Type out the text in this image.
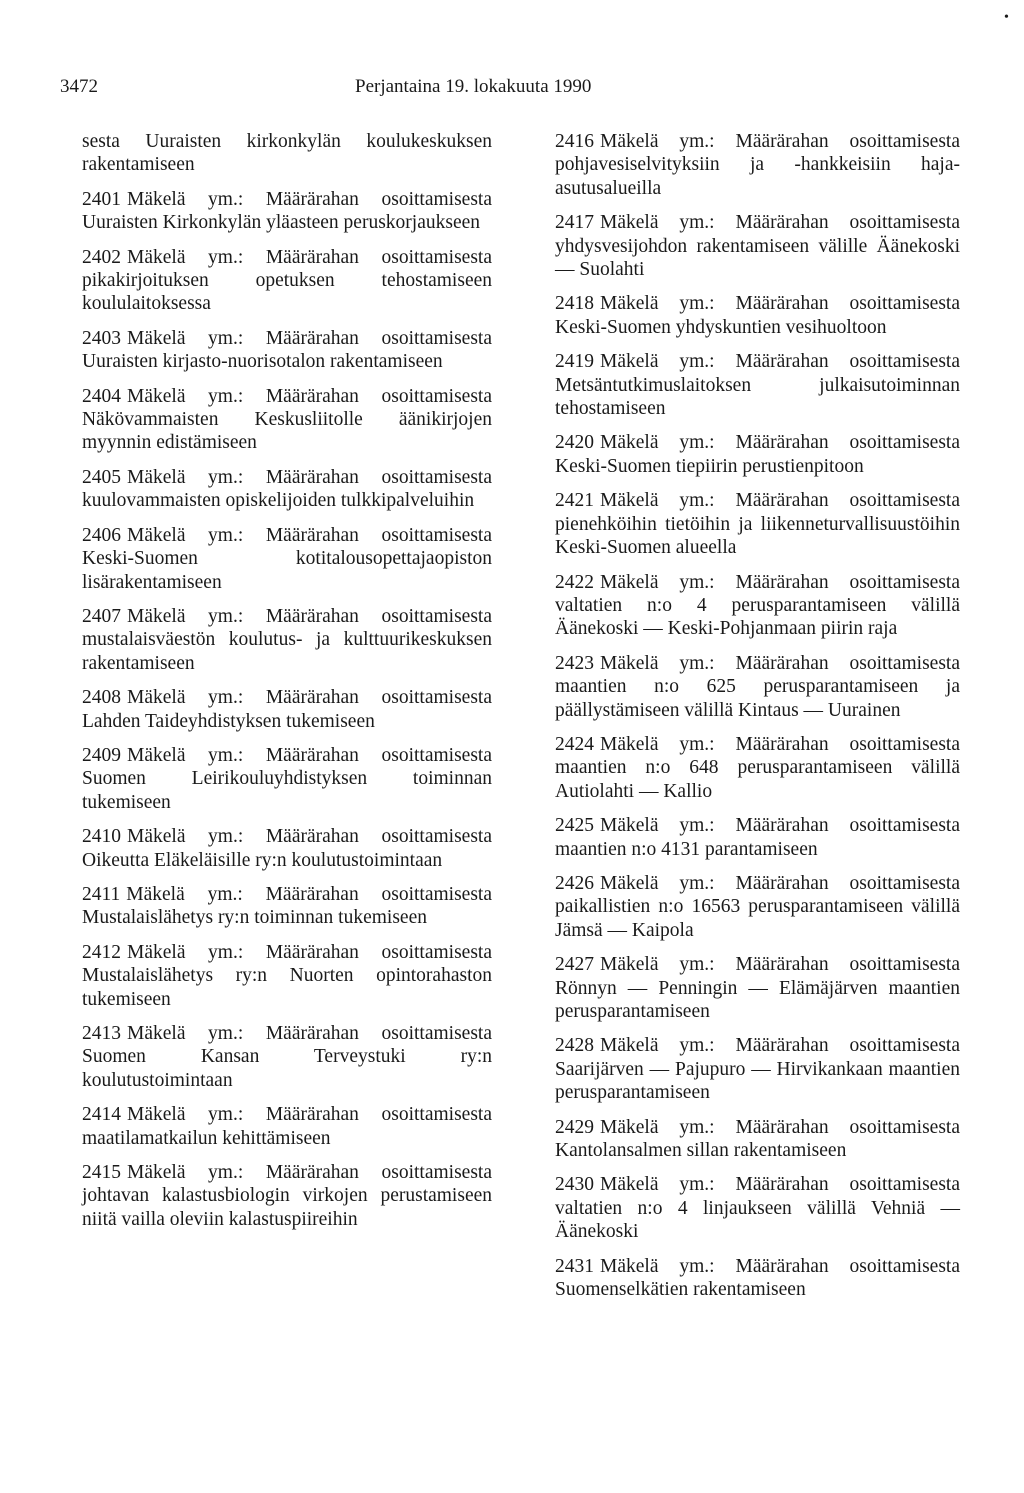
•
3472	Perjantaina 19. lokakuuta 1990

sesta Uuraisten kirkonkylän koulukeskuksen rakentamiseen

2401 Mäkelä ym.: Määrärahan osoittamisesta Uuraisten Kirkonkylän yläasteen peruskorjaukseen

2402 Mäkelä ym.: Määrärahan osoittamisesta pikakirjoituksen opetuksen tehostamiseen koululaitoksessa

2403 Mäkelä ym.: Määrärahan osoittamisesta Uuraisten kirjasto-nuorisotalon rakentamiseen

2404 Mäkelä ym.: Määrärahan osoittamisesta Näkövammaisten Keskusliitolle äänikirjojen myynnin edistämiseen

2405 Mäkelä ym.: Määrärahan osoittamisesta kuulovammaisten opiskelijoiden tulkkipalveluihin

2406 Mäkelä ym.: Määrärahan osoittamisesta Keski-Suomen kotitalousopettajaopiston lisärakentamiseen

2407 Mäkelä ym.: Määrärahan osoittamisesta mustalaisväestön koulutus- ja kulttuurikeskuksen rakentamiseen

2408 Mäkelä ym.: Määrärahan osoittamisesta Lahden Taideyhdistyksen tukemiseen

2409 Mäkelä ym.: Määrärahan osoittamisesta Suomen Leirikouluyhdistyksen toiminnan tukemiseen

2410 Mäkelä ym.: Määrärahan osoittamisesta Oikeutta Eläkeläisille ry:n koulutustoimintaan

2411 Mäkelä ym.: Määrärahan osoittamisesta Mustalaislähetys ry:n toiminnan tukemiseen

2412 Mäkelä ym.: Määrärahan osoittamisesta Mustalaislähetys ry:n Nuorten opintorahaston tukemiseen

2413 Mäkelä ym.: Määrärahan osoittamisesta Suomen Kansan Terveystuki ry:n koulutustoimintaan

2414 Mäkelä ym.: Määrärahan osoittamisesta maatilamatkailun kehittämiseen

2415 Mäkelä ym.: Määrärahan osoittamisesta johtavan kalastusbiologin virkojen perustamiseen niitä vailla oleviin kalastuspiireihin

2416 Mäkelä ym.: Määrärahan osoittamisesta pohjavesiselvityksiin ja -hankkeisiin haja-asutusalueilla

2417 Mäkelä ym.: Määrärahan osoittamisesta yhdysvesijohdon rakentamiseen välille Äänekoski — Suolahti

2418 Mäkelä ym.: Määrärahan osoittamisesta Keski-Suomen yhdyskuntien vesihuoltoon

2419 Mäkelä ym.: Määrärahan osoittamisesta Metsäntutkimuslaitoksen julkaisutoiminnan tehostamiseen

2420 Mäkelä ym.: Määrärahan osoittamisesta Keski-Suomen tiepiirin perustienpitoon

2421 Mäkelä ym.: Määrärahan osoittamisesta pienehköihin tietöihin ja liikenneturvallisuustöihin Keski-Suomen alueella

2422 Mäkelä ym.: Määrärahan osoittamisesta valtatien n:o 4 perusparantamiseen välillä Äänekoski — Keski-Pohjanmaan piirin raja

2423 Mäkelä ym.: Määrärahan osoittamisesta maantien n:o 625 perusparantamiseen ja päällystämiseen välillä Kintaus — Uurainen

2424 Mäkelä ym.: Määrärahan osoittamisesta maantien n:o 648 perusparantamiseen välillä Autiolahti — Kallio

2425 Mäkelä ym.: Määrärahan osoittamisesta maantien n:o 4131 parantamiseen

2426 Mäkelä ym.: Määrärahan osoittamisesta paikallistien n:o 16563 perusparantamiseen välillä Jämsä — Kaipola

2427 Mäkelä ym.: Määrärahan osoittamisesta Rönnyn — Penningin — Elämäjärven maantien perusparantamiseen

2428 Mäkelä ym.: Määrärahan osoittamisesta Saarijärven — Pajupuro — Hirvikankaan maantien perusparantamiseen

2429 Mäkelä ym.: Määrärahan osoittamisesta Kantolansalmen sillan rakentamiseen

2430 Mäkelä ym.: Määrärahan osoittamisesta valtatien n:o 4 linjaukseen välillä Vehniä — Äänekoski

2431 Mäkelä ym.: Määrärahan osoittamisesta Suomenselkätien rakentamiseen
